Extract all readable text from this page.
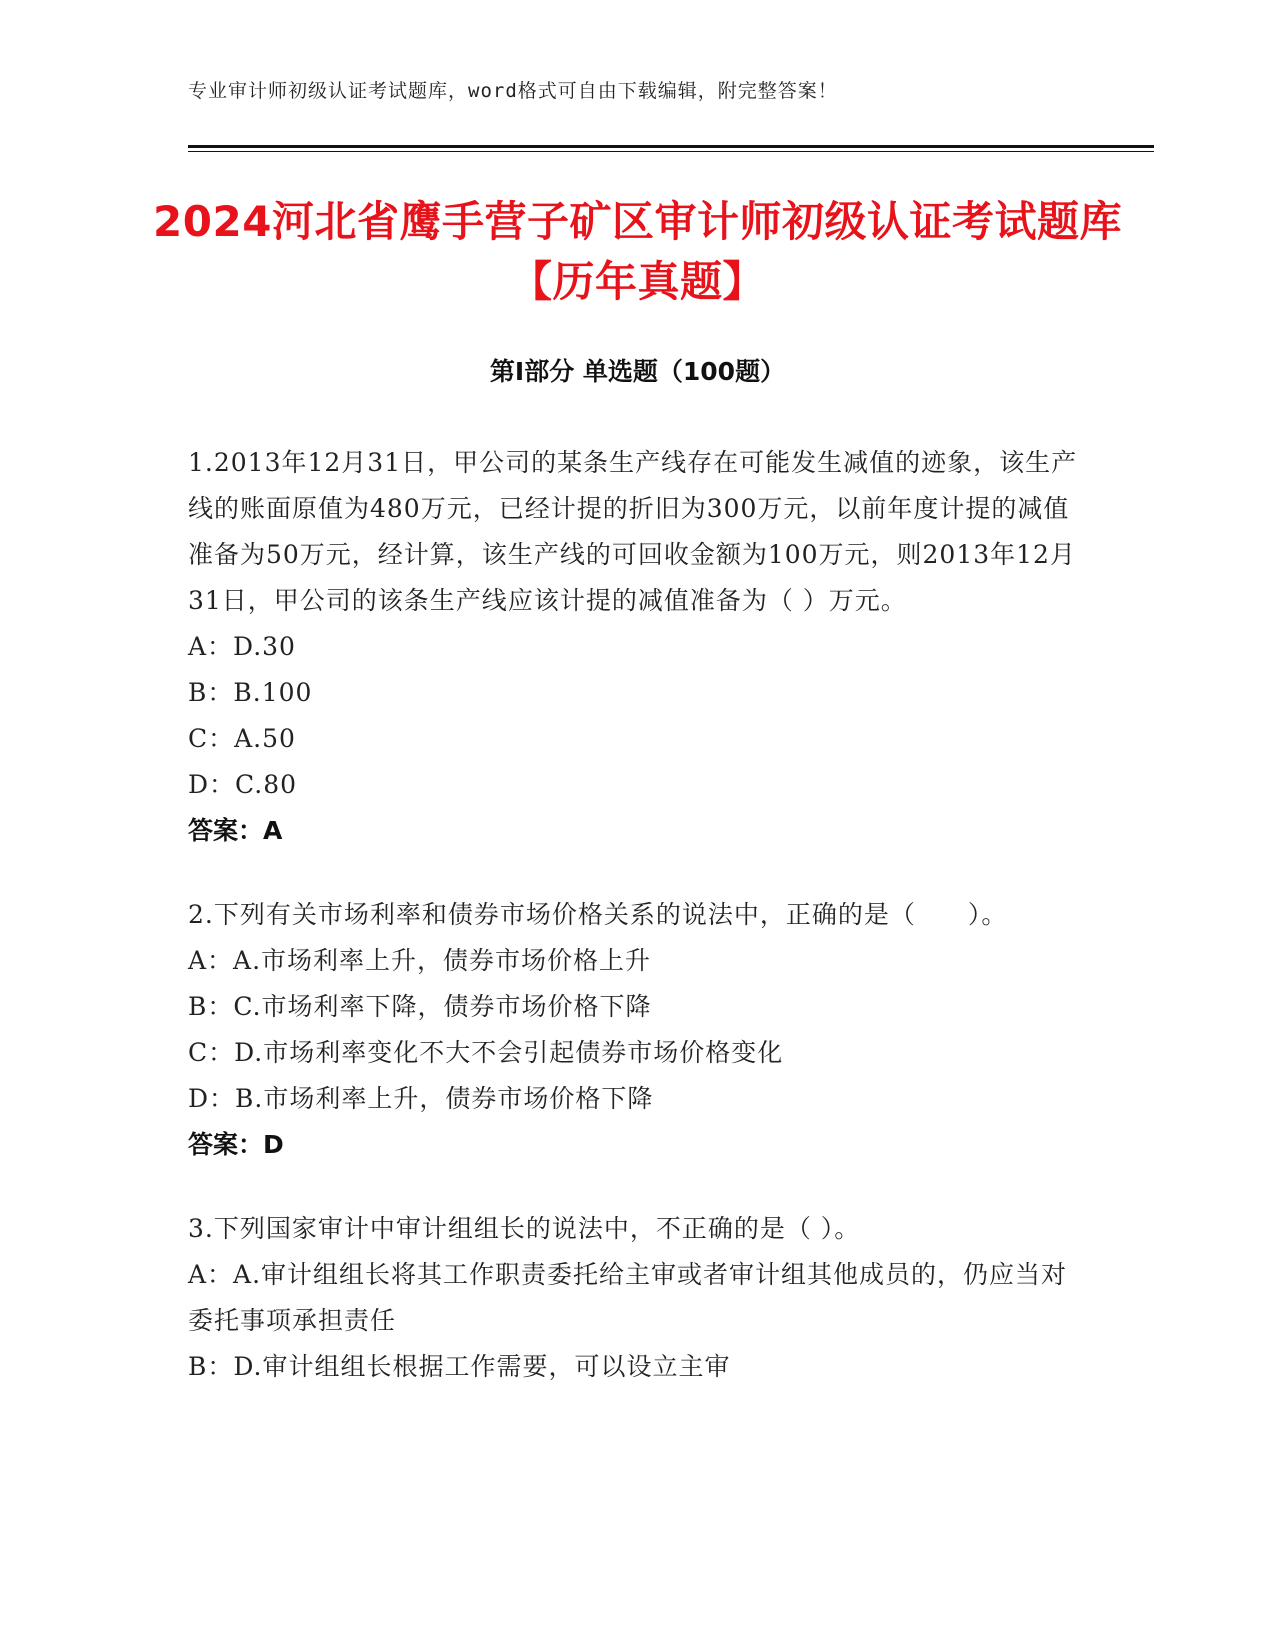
专业审计师初级认证考试题库，word格式可自由下载编辑，附完整答案！
2024河北省鹰手营子矿区审计师初级认证考试题库【历年真题】
第I部分 单选题（100题）

1.2013年12月31日，甲公司的某条生产线存在可能发生减值的迹象，该生产线的账面原值为480万元，已经计提的折旧为300万元，以前年度计提的减值准备为50万元，经计算，该生产线的可回收金额为100万元，则2013年12月31日，甲公司的该条生产线应该计提的减值准备为（ ）万元。

A：D.30

B：B.100

C：A.50

D：C.80

答案：A

2.下列有关市场利率和债券市场价格关系的说法中，正确的是（　　）。

A：A.市场利率上升，债券市场价格上升

B：C.市场利率下降，债券市场价格下降

C：D.市场利率变化不大不会引起债券市场价格变化

D：B.市场利率上升，债券市场价格下降

答案：D

3.下列国家审计中审计组组长的说法中，不正确的是（ ）。

A：A.审计组组长将其工作职责委托给主审或者审计组其他成员的，仍应当对委托事项承担责任

B：D.审计组组长根据工作需要，可以设立主审
